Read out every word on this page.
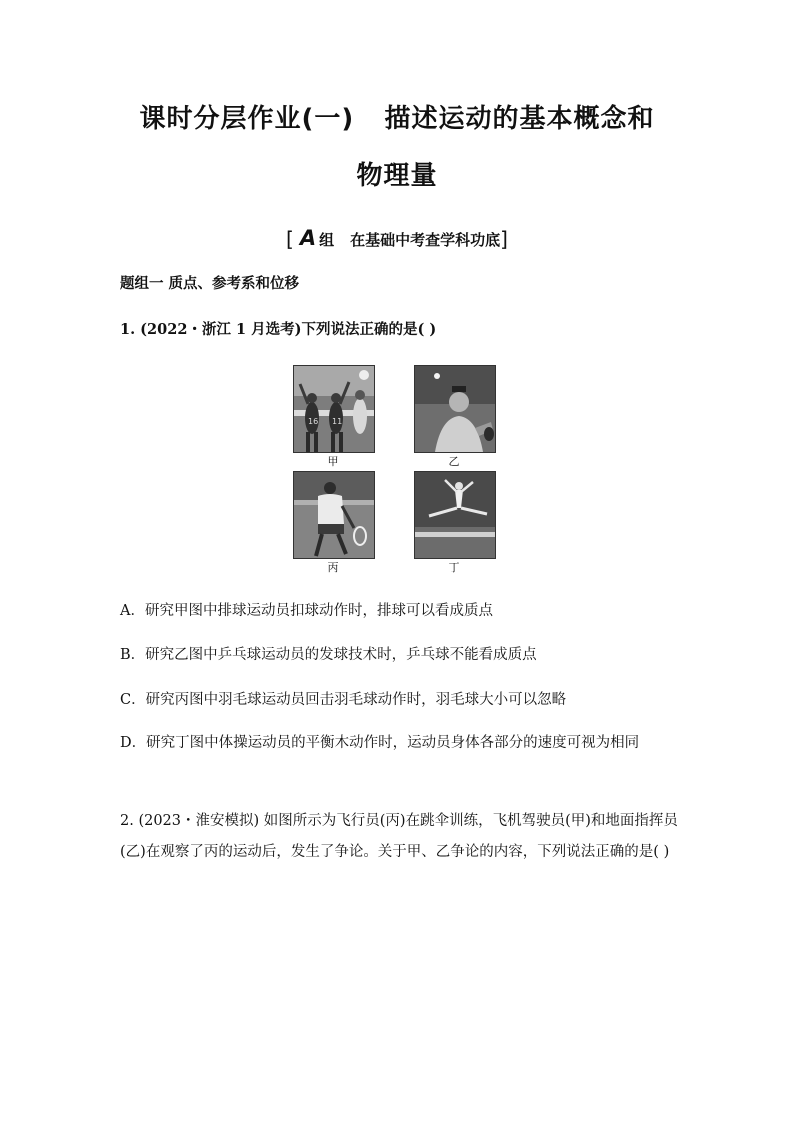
课时分层作业(一)   描述运动的基本概念和
物理量
[ A 组 在基础中考查学科功底]
题组一 质点、参考系和位移
1. (2022・浙江 1 月选考)下列说法正确的是( )
16 11
甲	乙
丙	丁
A．研究甲图中排球运动员扣球动作时，排球可以看成质点
B．研究乙图中乒乓球运动员的发球技术时，乒乓球不能看成质点
C．研究丙图中羽毛球运动员回击羽毛球动作时，羽毛球大小可以忽略
D．研究丁图中体操运动员的平衡木动作时，运动员身体各部分的速度可视为相同
2. (2023・淮安模拟) 如图所示为飞行员(丙)在跳伞训练，飞机驾驶员(甲)和地面指挥员(乙)在观察了丙的运动后，发生了争论。关于甲、乙争论的内容，下列说法正确的是( )
